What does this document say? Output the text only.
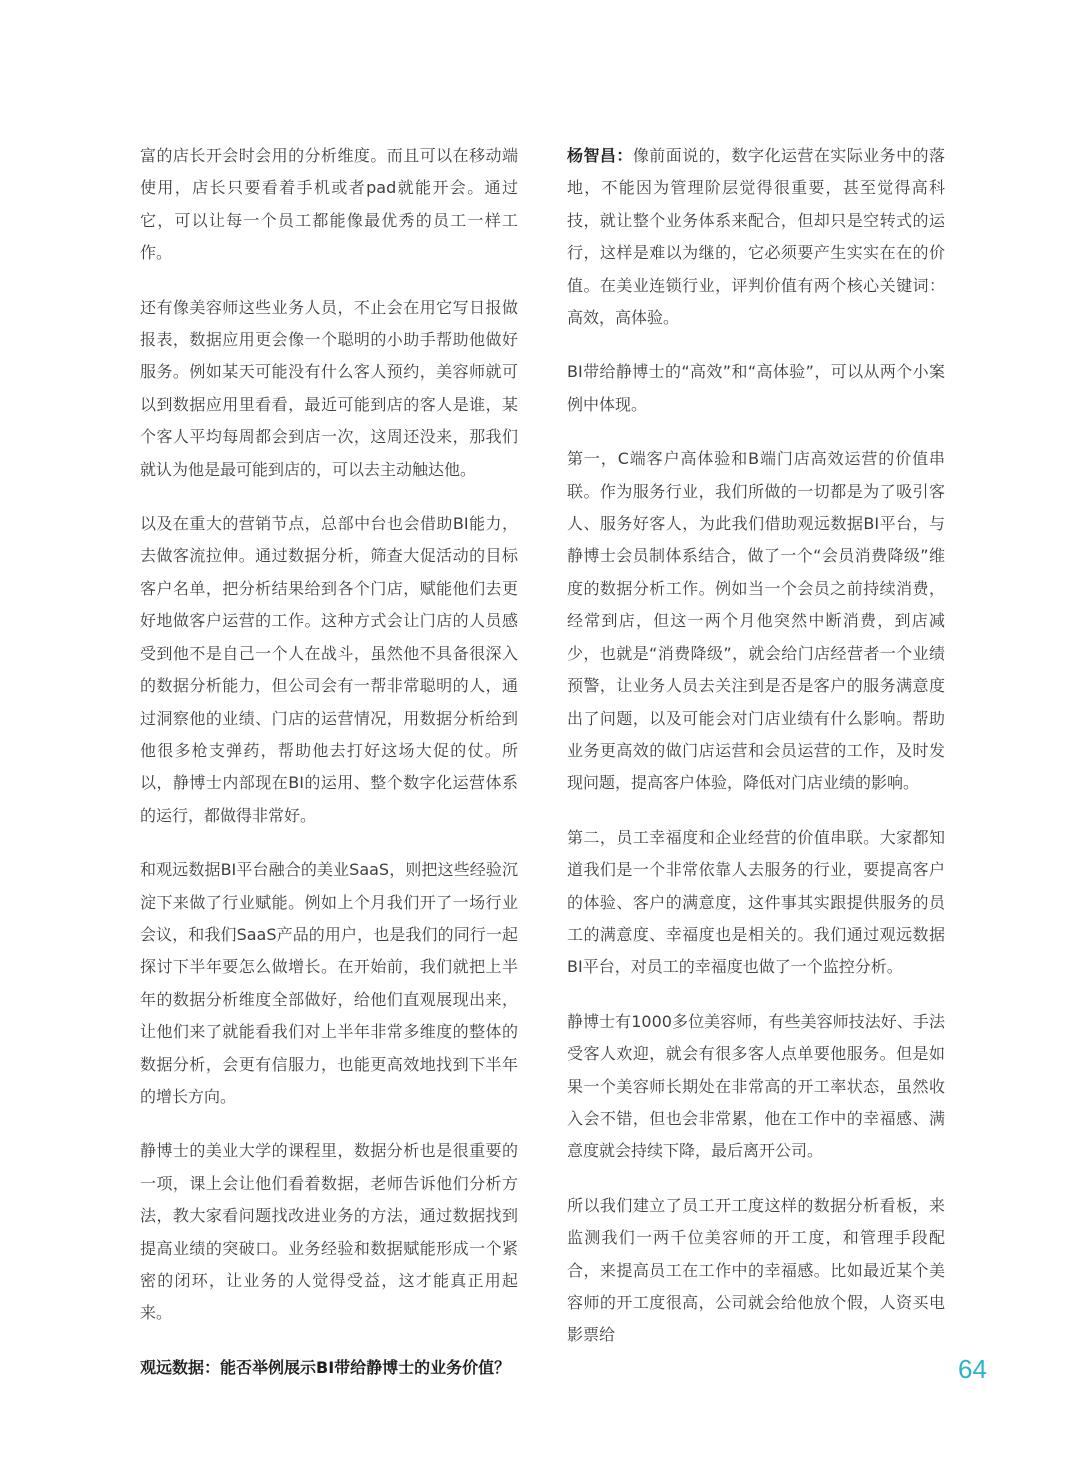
富的店长开会时会用的分析维度。而且可以在移动端使用，店长只要看着手机或者pad就能开会。通过它，可以让每一个员工都能像最优秀的员工一样工作。

还有像美容师这些业务人员，不止会在用它写日报做报表，数据应用更会像一个聪明的小助手帮助他做好服务。例如某天可能没有什么客人预约，美容师就可以到数据应用里看看，最近可能到店的客人是谁，某个客人平均每周都会到店一次，这周还没来，那我们就认为他是最可能到店的，可以去主动触达他。

以及在重大的营销节点，总部中台也会借助BI能力，去做客流拉伸。通过数据分析，筛查大促活动的目标客户名单，把分析结果给到各个门店，赋能他们去更好地做客户运营的工作。这种方式会让门店的人员感受到他不是自己一个人在战斗，虽然他不具备很深入的数据分析能力，但公司会有一帮非常聪明的人，通过洞察他的业绩、门店的运营情况，用数据分析给到他很多枪支弹药，帮助他去打好这场大促的仗。所以，静博士内部现在BI的运用、整个数字化运营体系的运行，都做得非常好。

和观远数据BI平台融合的美业SaaS，则把这些经验沉淀下来做了行业赋能。例如上个月我们开了一场行业会议，和我们SaaS产品的用户，也是我们的同行一起探讨下半年要怎么做增长。在开始前，我们就把上半年的数据分析维度全部做好，给他们直观展现出来，让他们来了就能看我们对上半年非常多维度的整体的数据分析，会更有信服力，也能更高效地找到下半年的增长方向。

静博士的美业大学的课程里，数据分析也是很重要的一项，课上会让他们看着数据，老师告诉他们分析方法，教大家看问题找改进业务的方法，通过数据找到提高业绩的突破口。业务经验和数据赋能形成一个紧密的闭环，让业务的人觉得受益，这才能真正用起来。

观远数据：能否举例展示BI带给静博士的业务价值？

杨智昌：像前面说的，数字化运营在实际业务中的落地，不能因为管理阶层觉得很重要，甚至觉得高科技，就让整个业务体系来配合，但却只是空转式的运行，这样是难以为继的，它必须要产生实实在在的价值。在美业连锁行业，评判价值有两个核心关键词：高效，高体验。

BI带给静博士的“高效”和“高体验”，可以从两个小案例中体现。

第一，C端客户高体验和B端门店高效运营的价值串联。作为服务行业，我们所做的一切都是为了吸引客人、服务好客人，为此我们借助观远数据BI平台，与静博士会员制体系结合，做了一个“会员消费降级”维度的数据分析工作。例如当一个会员之前持续消费，经常到店，但这一两个月他突然中断消费，到店减少，也就是“消费降级”，就会给门店经营者一个业绩预警，让业务人员去关注到是否是客户的服务满意度出了问题，以及可能会对门店业绩有什么影响。帮助业务更高效的做门店运营和会员运营的工作，及时发现问题，提高客户体验，降低对门店业绩的影响。

第二，员工幸福度和企业经营的价值串联。大家都知道我们是一个非常依靠人去服务的行业，要提高客户的体验、客户的满意度，这件事其实跟提供服务的员工的满意度、幸福度也是相关的。我们通过观远数据BI平台，对员工的幸福度也做了一个监控分析。

静博士有1000多位美容师，有些美容师技法好、手法受客人欢迎，就会有很多客人点单要他服务。但是如果一个美容师长期处在非常高的开工率状态，虽然收入会不错，但也会非常累，他在工作中的幸福感、满意度就会持续下降，最后离开公司。

所以我们建立了员工开工度这样的数据分析看板，来监测我们一两千位美容师的开工度，和管理手段配合，来提高员工在工作中的幸福感。比如最近某个美容师的开工度很高，公司就会给他放个假，人资买电影票给

64
